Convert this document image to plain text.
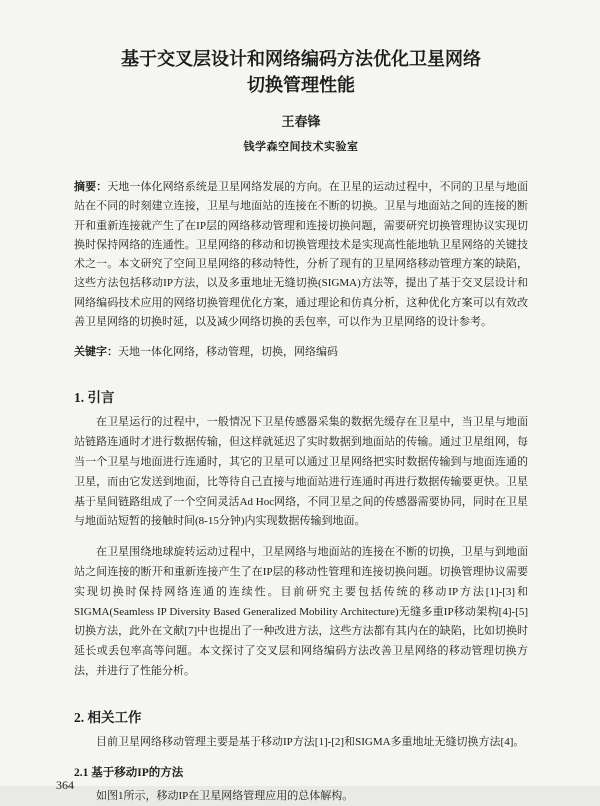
基于交叉层设计和网络编码方法优化卫星网络
切换管理性能
王春锋
钱学森空间技术实验室

摘要：天地一体化网络系统是卫星网络发展的方向。在卫星的运动过程中，不同的卫星与地面站在不同的时刻建立连接，卫星与地面站的连接在不断的切换。卫星与地面站之间的连接的断开和重新连接就产生了在IP层的网络移动管理和连接切换问题，需要研究切换管理协议实现切换时保持网络的连通性。卫星网络的移动和切换管理技术是实现高性能地轨卫星网络的关键技术之一。本文研究了空间卫星网络的移动特性，分析了现有的卫星网络移动管理方案的缺陷，这些方法包括移动IP方法，以及多重地址无缝切换(SIGMA)方法等，提出了基于交叉层设计和网络编码技术应用的网络切换管理优化方案，通过理论和仿真分析，这种优化方案可以有效改善卫星网络的切换时延，以及减少网络切换的丢包率，可以作为卫星网络的设计参考。

关键字：天地一体化网络，移动管理，切换，网络编码

1. 引言

在卫星运行的过程中，一般情况下卫星传感器采集的数据先缓存在卫星中，当卫星与地面站链路连通时才进行数据传输，但这样就延迟了实时数据到地面站的传输。通过卫星组网，每当一个卫星与地面进行连通时，其它的卫星可以通过卫星网络把实时数据传输到与地面连通的卫星，而由它发送到地面，比等待自己直接与地面站进行连通时再进行数据传输要更快。卫星基于星间链路组成了一个空间灵活Ad Hoc网络，不同卫星之间的传感器需要协同，同时在卫星与地面站短暂的接触时间(8-15分钟)内实现数据传输到地面。

在卫星围绕地球旋转运动过程中，卫星网络与地面站的连接在不断的切换，卫星与到地面站之间连接的断开和重新连接产生了在IP层的移动性管理和连接切换问题。切换管理协议需要实现切换时保持网络连通的连续性。目前研究主要包括传统的移动IP方法[1]-[3]和SIGMA(Seamless IP Diversity Based Generalized Mobility Architecture)无缝多重IP移动架构[4]-[5]切换方法，此外在文献[7]中也提出了一种改进方法，这些方法都有其内在的缺陷，比如切换时延长或丢包率高等问题。本文探讨了交叉层和网络编码方法改善卫星网络的移动管理切换方法，并进行了性能分析。

2. 相关工作

目前卫星网络移动管理主要是基于移动IP方法[1]-[2]和SIGMA多重地址无缝切换方法[4]。

2.1 基于移动IP的方法

如图1所示，移动IP在卫星网络管理应用的总体解构。

364
